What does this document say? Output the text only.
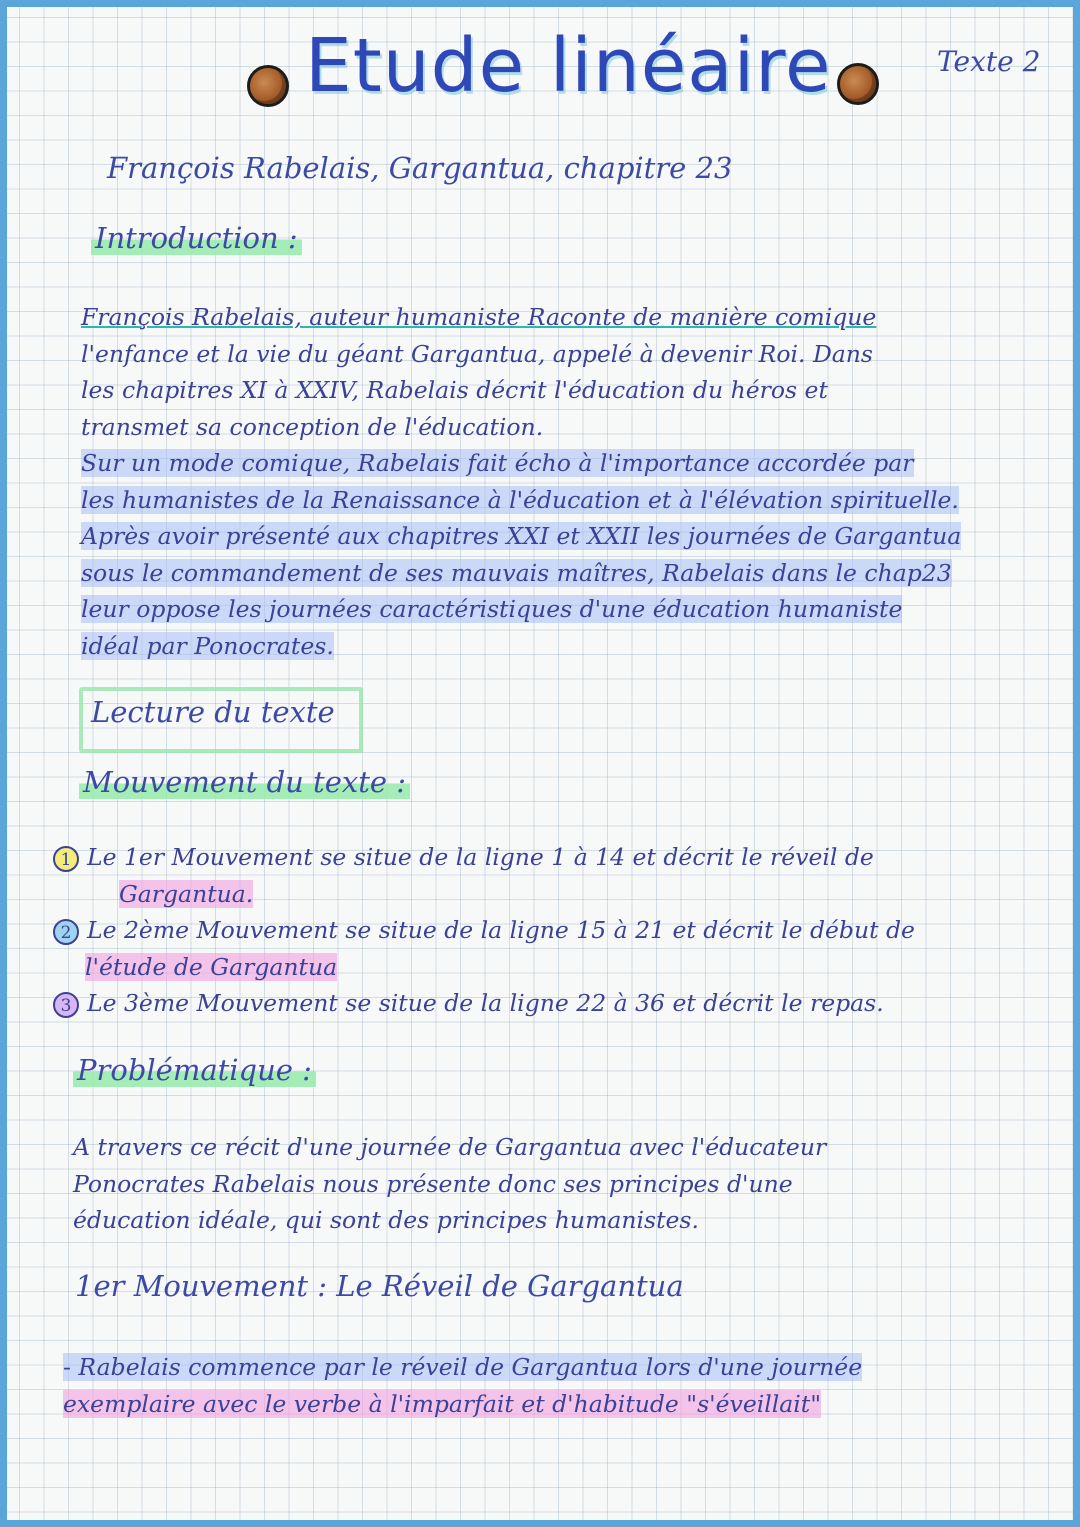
Etude linéaire	Texte 2
François Rabelais, Gargantua, chapitre 23
Introduction :
François Rabelais, auteur humaniste Raconte de manière comique
l'enfance et la vie du géant Gargantua, appelé à devenir Roi. Dans
les chapitres XI à XXIV, Rabelais décrit l'éducation du héros et
transmet sa conception de l'éducation.
Sur un mode comique, Rabelais fait écho à l'importance accordée par
les humanistes de la Renaissance à l'éducation et à l'élévation spirituelle.
Après avoir présenté aux chapitres XXI et XXII les journées de Gargantua
sous le commandement de ses mauvais maîtres, Rabelais dans le chap23
leur oppose les journées caractéristiques d'une éducation humaniste
idéal par Ponocrates.
Lecture du texte
Mouvement du texte :
1 Le 1er Mouvement se situe de la ligne 1 à 14 et décrit le réveil de
Gargantua.
2 Le 2ème Mouvement se situe de la ligne 15 à 21 et décrit le début de
l'étude de Gargantua
3 Le 3ème Mouvement se situe de la ligne 22 à 36 et décrit le repas.
Problématique :
A travers ce récit d'une journée de Gargantua avec l'éducateur
Ponocrates Rabelais nous présente donc ses principes d'une
éducation idéale, qui sont des principes humanistes.
1er Mouvement : Le Réveil de Gargantua
- Rabelais commence par le réveil de Gargantua lors d'une journée
exemplaire avec le verbe à l'imparfait et d'habitude "s'éveillait"
